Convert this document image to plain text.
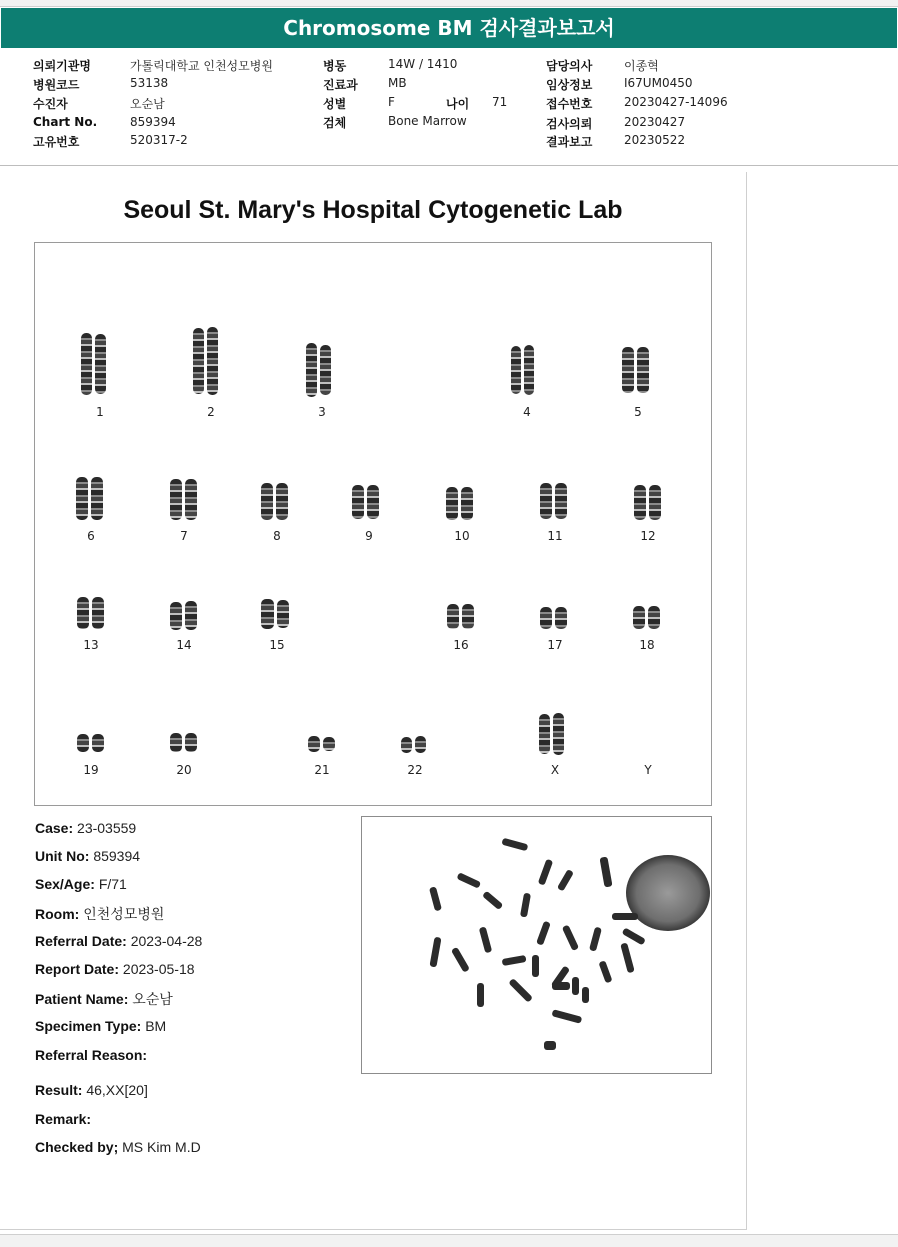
Chromosome BM 검사결과보고서
의뢰기관명	가톨릭대학교 인천성모병원
병원코드	53138
수진자	오순남
Chart No.	859394
고유번호	520317-2
병동	14W / 1410
진료과	MB
성별	F	나이 71
검체	Bone Marrow
담당의사	이종혁
임상정보	I67UM0450
접수번호	20230427-14096
검사의뢰	20230427
결과보고	20230522
Seoul St. Mary's Hospital Cytogenetic Lab
1	2	3	4	5
6	7	8	9	10	11	12
13	14	15	16	17	18
19	20	21	22	X	Y
Case: 23-03559
Unit No: 859394
Sex/Age: F/71
Room: 인천성모병원
Referral Date: 2023-04-28
Report Date: 2023-05-18
Patient Name: 오순남
Specimen Type: BM
Referral Reason:
Result: 46,XX[20]
Remark:
Checked by; MS Kim M.D
